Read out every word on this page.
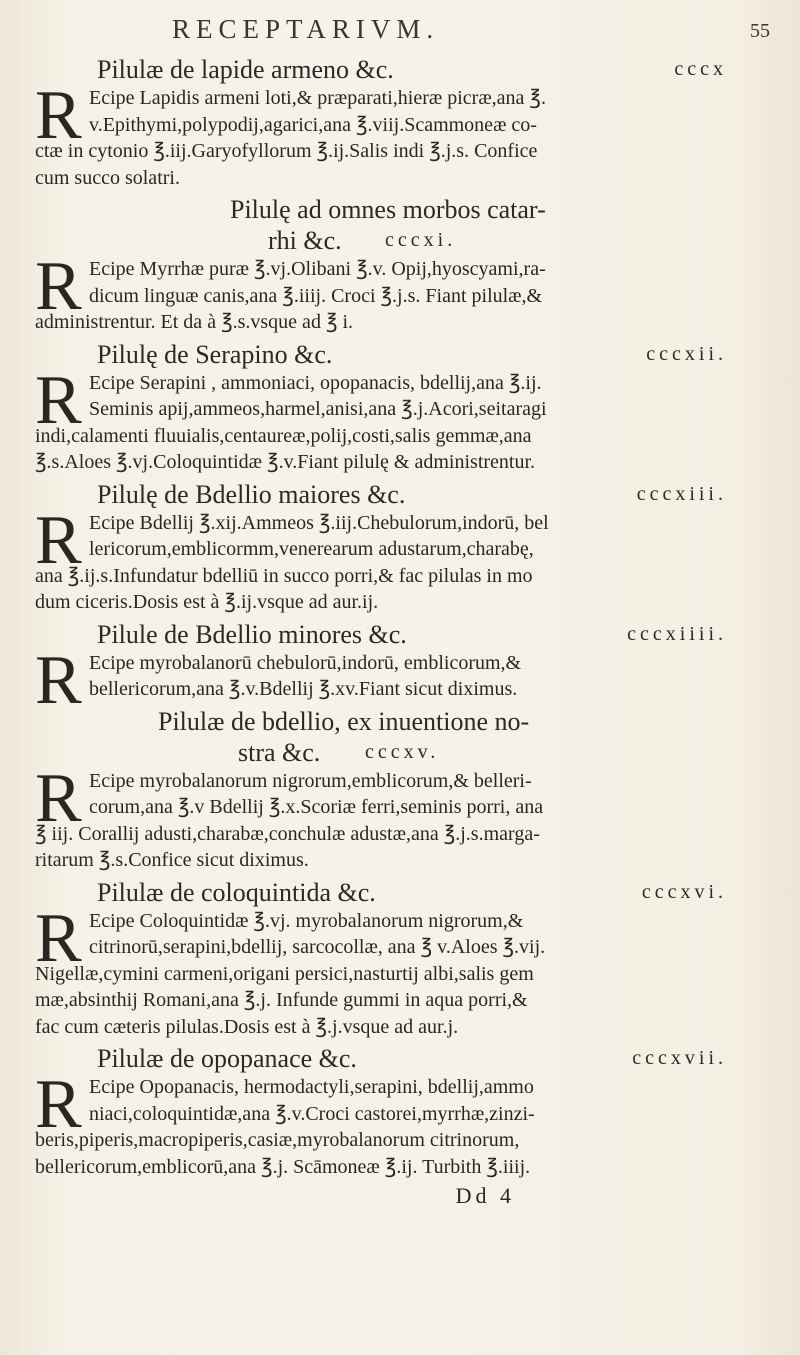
RECEPTARIVM.	55
Pilulæ de lapide armeno &c.	cccx
R Ecipe Lapidis armeni loti,& præparati,hieræ picræ,ana ℥.
v.Epithymi,polypodij,agarici,ana ℥.viij.Scammoneæ co-
ctæ in cytonio ℥.iij.Garyofyllorum ℥.ij.Salis indi ℥.j.s. Confice
cum succo solatri.
Pilulę ad omnes morbos catar-
rhi &c.	cccxi.
R Ecipe Myrrhæ puræ ℥.vj.Olibani ℥.v. Opij,hyoscyami,ra-
dicum linguæ canis,ana ℥.iiij. Croci ℥.j.s. Fiant pilulæ,&
administrentur. Et da à ℥.s.vsque ad ℥ i.
Pilulę de Serapino &c.	cccxii.
R Ecipe Serapini , ammoniaci, opopanacis, bdellij,ana ℥.ij.
Seminis apij,ammeos,harmel,anisi,ana ℥.j.Acori,seitaragi
indi,calamenti fluuialis,centaureæ,polij,costi,salis gemmæ,ana
℥.s.Aloes ℥.vj.Coloquintidæ ℥.v.Fiant pilulę & administrentur.
Pilulę de Bdellio maiores &c.	cccxiii.
R Ecipe Bdellij ℥.xij.Ammeos ℥.iij.Chebulorum,indorū, bel
lericorum,emblicormm,venerearum adustarum,charabę,
ana ℥.ij.s.Infundatur bdelliū in succo porri,& fac pilulas in mo
dum ciceris.Dosis est à ℥.ij.vsque ad aur.ij.
Pilule de Bdellio minores &c.	cccxiiii.
R Ecipe myrobalanorū chebulorū,indorū, emblicorum,&
bellericorum,ana ℥.v.Bdellij ℥.xv.Fiant sicut diximus.
Pilulæ de bdellio, ex inuentione no-
stra &c.	cccxv.
R Ecipe myrobalanorum nigrorum,emblicorum,& belleri-
corum,ana ℥.v Bdellij ℥.x.Scoriæ ferri,seminis porri, ana
℥ iij. Corallij adusti,charabæ,conchulæ adustæ,ana ℥.j.s.marga-
ritarum ℥.s.Confice sicut diximus.
Pilulæ de coloquintida &c.	cccxvi.
R Ecipe Coloquintidæ ℥.vj. myrobalanorum nigrorum,&
citrinorū,serapini,bdellij, sarcocollæ, ana ℥ v.Aloes ℥.vij.
Nigellæ,cymini carmeni,origani persici,nasturtij albi,salis gem
mæ,absinthij Romani,ana ℥.j. Infunde gummi in aqua porri,&
fac cum cæteris pilulas.Dosis est à ℥.j.vsque ad aur.j.
Pilulæ de opopanace &c.	cccxvii.
R Ecipe Opopanacis, hermodactyli,serapini, bdellij,ammo
niaci,coloquintidæ,ana ℥.v.Croci castorei,myrrhæ,zinzi-
beris,piperis,macropiperis,casiæ,myrobalanorum citrinorum,
bellericorum,emblicorū,ana ℥.j. Scāmoneæ ℥.ij. Turbith ℥.iiij.
Dd 4
